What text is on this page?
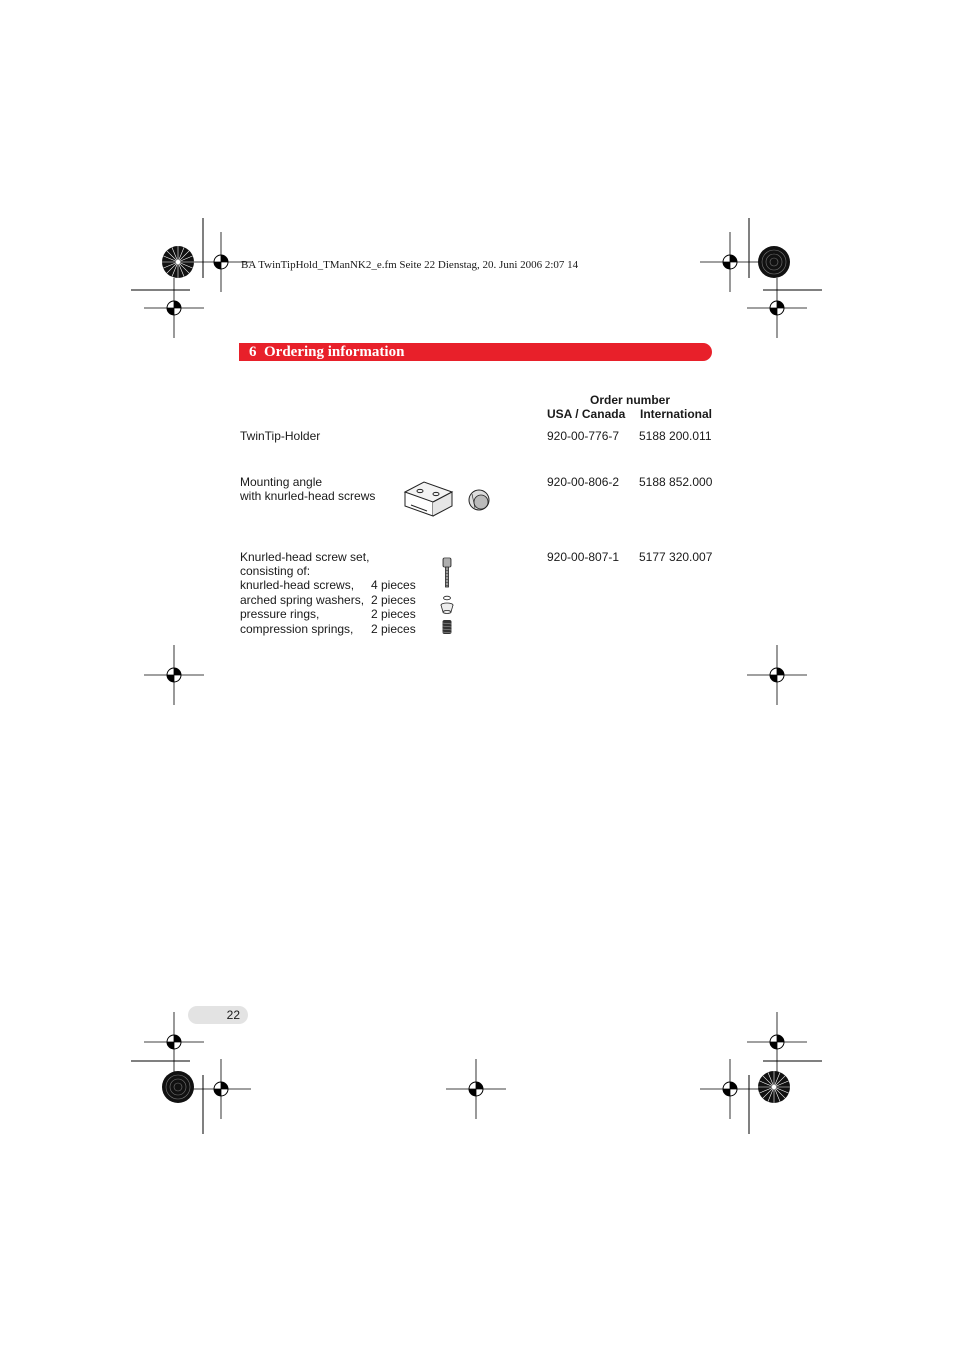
BA TwinTipHold_TManNK2_e.fm Seite 22 Dienstag, 20. Juni 2006 2:07 14
6 Ordering information
Order number
USA / Canada International
TwinTip-Holder	920-00-776-7 5188 200.011
Mounting angle
with knurled-head screws
920-00-806-2 5188 852.000
Knurled-head screw set,
consisting of:
920-00-807-1 5177 320.007
knurled-head screws, 4 pieces
arched spring washers, 2 pieces
pressure rings,	2 pieces
compression springs, 2 pieces
22
